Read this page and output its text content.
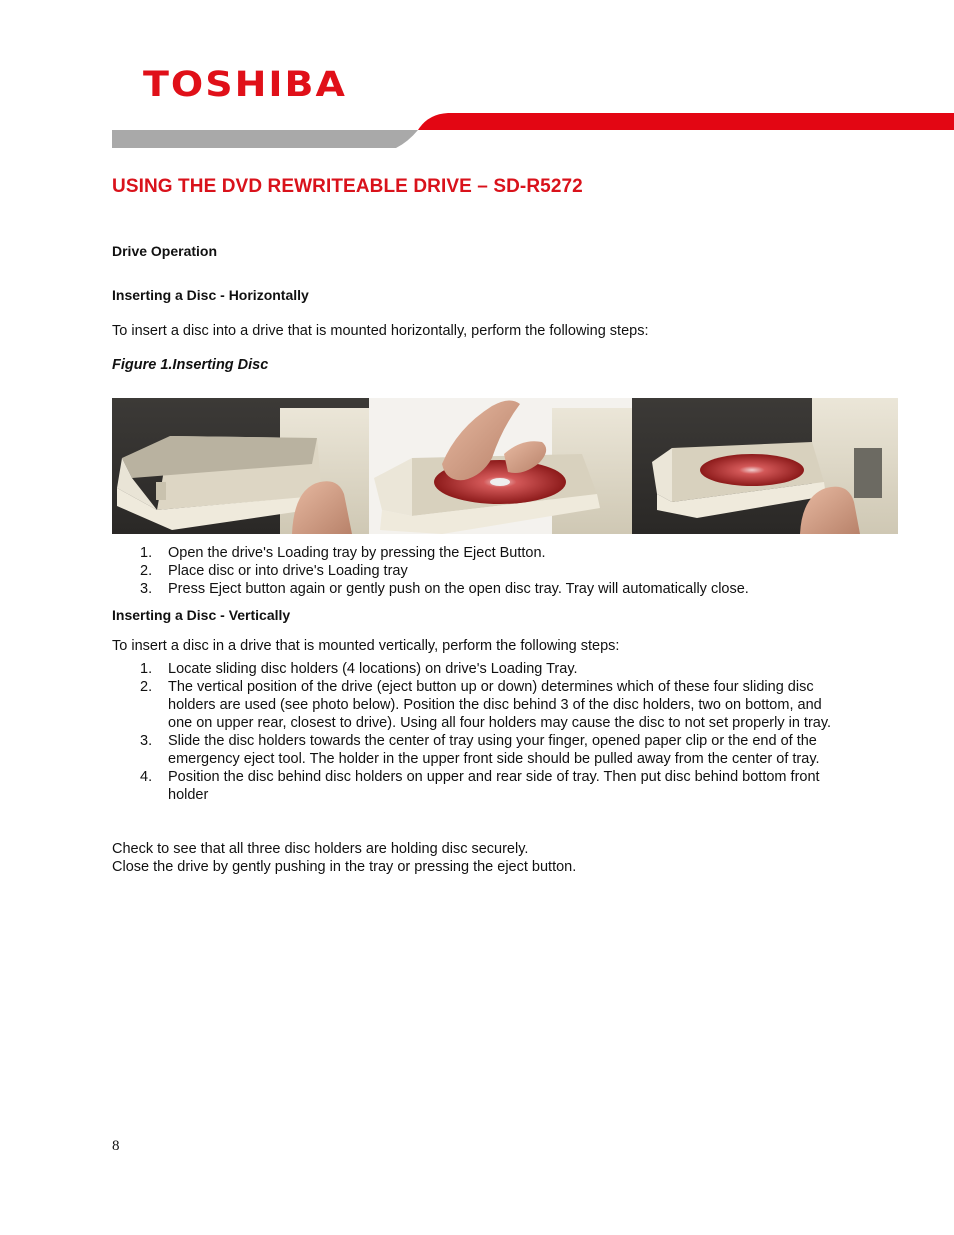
TOSHIBA
USING THE DVD REWRITEABLE DRIVE – SD-R5272
Drive Operation
Inserting a Disc - Horizontally

To insert a disc into a drive that is mounted horizontally, perform the following steps:

Figure 1.Inserting Disc

1. Open the drive's Loading tray by pressing the Eject Button.
2. Place disc or into drive's Loading tray
3. Press Eject button again or gently push on the open disc tray. Tray will automatically close.
Inserting a Disc - Vertically

To insert a disc in a drive that is mounted vertically, perform the following steps:

1. Locate sliding disc holders (4 locations) on drive's Loading Tray.
2. The vertical position of the drive (eject button up or down) determines which of these four sliding disc holders are used (see photo below). Position the disc behind 3 of the disc holders, two on bottom, and one on upper rear, closest to drive). Using all four holders may cause the disc to not set properly in tray.
3. Slide the disc holders towards the center of tray using your finger, opened paper clip or the end of the emergency eject tool. The holder in the upper front side should be pulled away from the center of tray.
4. Position the disc behind disc holders on upper and rear side of tray. Then put disc behind bottom front holder

Check to see that all three disc holders are holding disc securely.

Close the drive by gently pushing in the tray or pressing the eject button.

8
